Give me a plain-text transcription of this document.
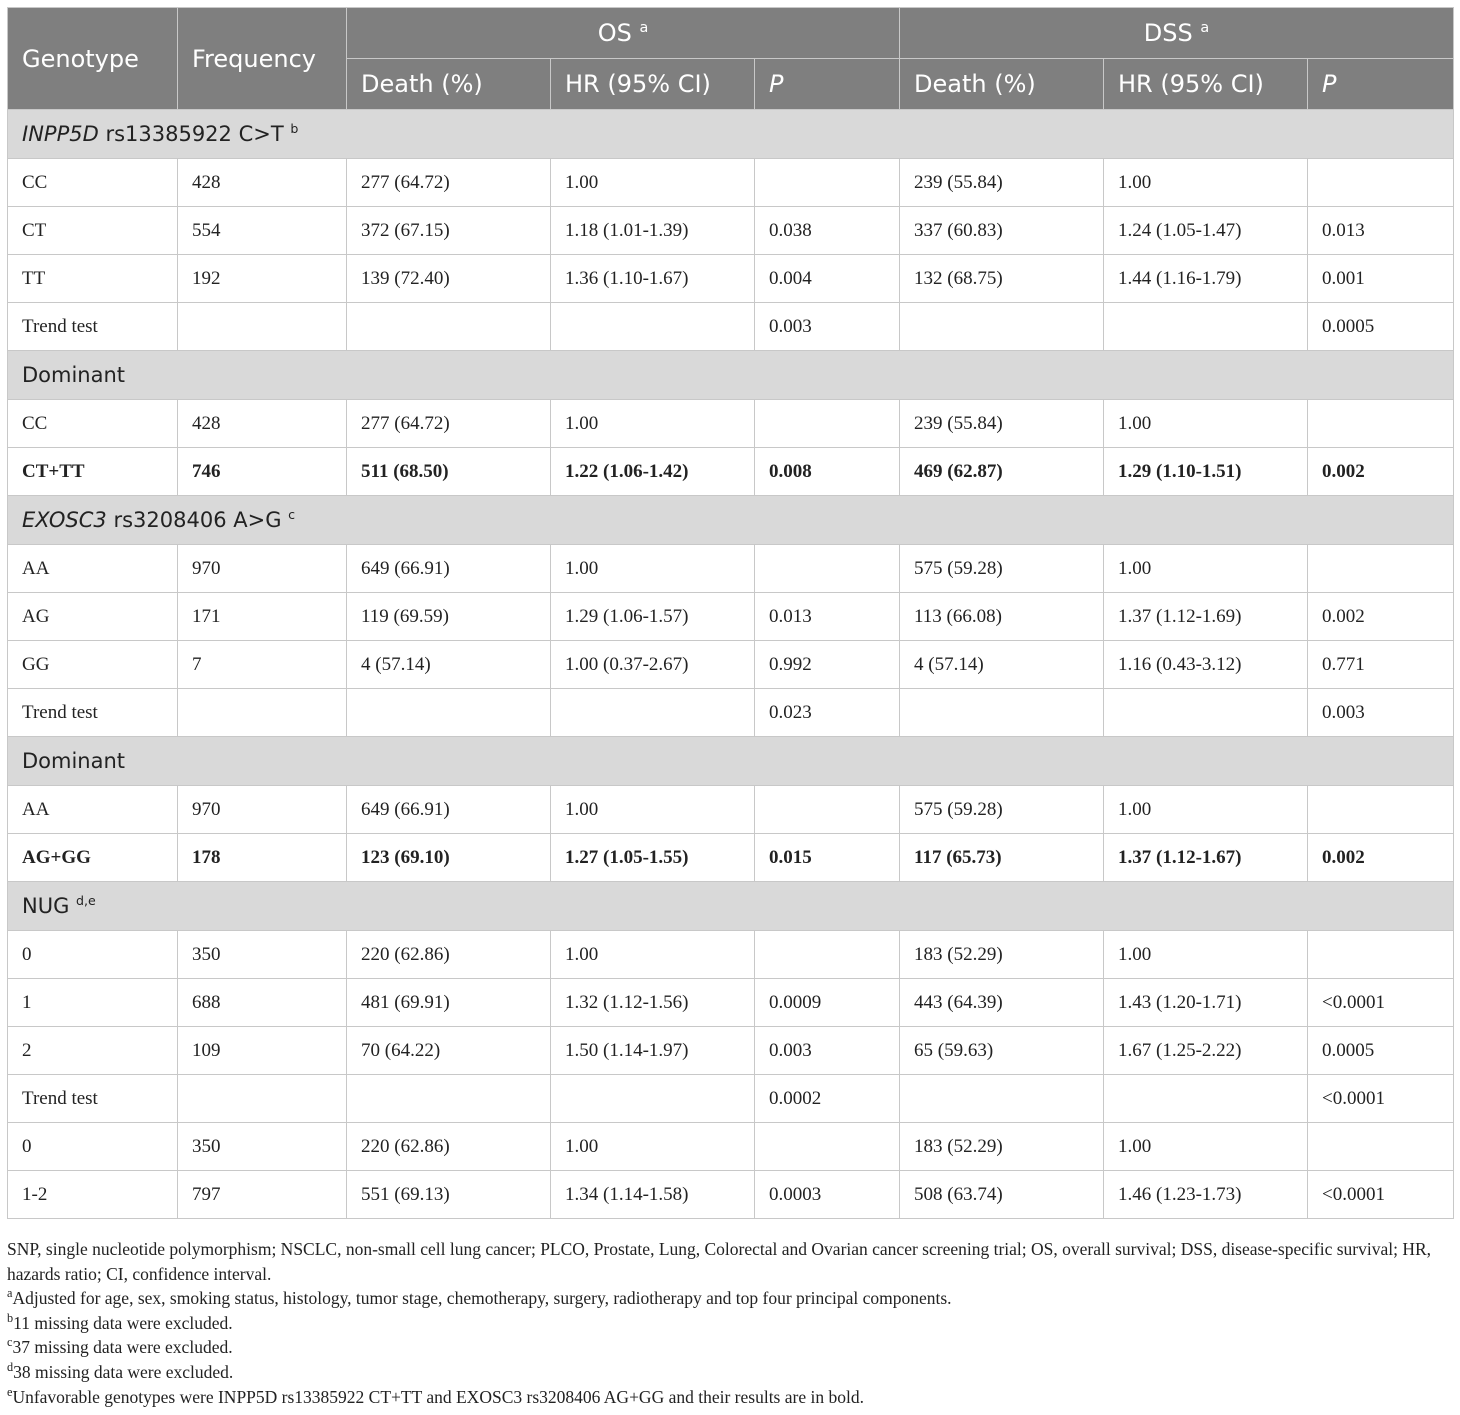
Genotype	Frequency	OS $^a$			DSS $^a$
		Death (%)	HR (95% CI)	P	Death (%)	HR (95% CI)	P
INPP5D rs13385922 C>T $^b$
CC	428	277 (64.72)	1.00		239 (55.84)	1.00	
CT	554	372 (67.15)	1.18 (1.01-1.39)	0.038	337 (60.83)	1.24 (1.05-1.47)	0.013
TT	192	139 (72.40)	1.36 (1.10-1.67)	0.004	132 (68.75)	1.44 (1.16-1.79)	0.001
Trend test				0.003			0.0005
Dominant							
CC	428	277 (64.72)	1.00		239 (55.84)	1.00	
CT+TT	746	511 (68.50)	1.22 (1.06-1.42)	0.008	469 (62.87)	1.29 (1.10-1.51)	0.002
EXOSC3 rs3208406 A>G $^c$
AA	970	649 (66.91)	1.00		575 (59.28)	1.00	
AG	171	119 (69.59)	1.29 (1.06-1.57)	0.013	113 (66.08)	1.37 (1.12-1.69)	0.002
GG	7	4 (57.14)	1.00 (0.37-2.67)	0.992	4 (57.14)	1.16 (0.43-3.12)	0.771
Trend test				0.023			0.003
Dominant							
AA	970	649 (66.91)	1.00		575 (59.28)	1.00	
AG+GG	178	123 (69.10)	1.27 (1.05-1.55)	0.015	117 (65.73)	1.37 (1.12-1.67)	0.002
NUG $^{d,e}$
0	350	220 (62.86)	1.00		183 (52.29)	1.00	
1	688	481 (69.91)	1.32 (1.12-1.56)	0.0009	443 (64.39)	1.43 (1.20-1.71)	<0.0001
2	109	70 (64.22)	1.50 (1.14-1.97)	0.003	65 (59.63)	1.67 (1.25-2.22)	0.0005
Trend test				0.0002			<0.0001
0	350	220 (62.86)	1.00		183 (52.29)	1.00	
1-2	797	551 (69.13)	1.34 (1.14-1.58)	0.0003	508 (63.74)	1.46 (1.23-1.73)	<0.0001

SNP, single nucleotide polymorphism; NSCLC, non-small cell lung cancer; PLCO, Prostate, Lung, Colorectal and Ovarian cancer screening trial; OS, overall survival; DSS, disease-specific survival; HR, hazards ratio; CI, confidence interval.

$^a$Adjusted for age, sex, smoking status, histology, tumor stage, chemotherapy, surgery, radiotherapy and top four principal components.

$^b$11 missing data were excluded.

$^c$37 missing data were excluded.

$^d$38 missing data were excluded.

$^e$Unfavorable genotypes were INPP5D rs13385922 CT+TT and EXOSC3 rs3208406 AG+GG and their results are in bold.
